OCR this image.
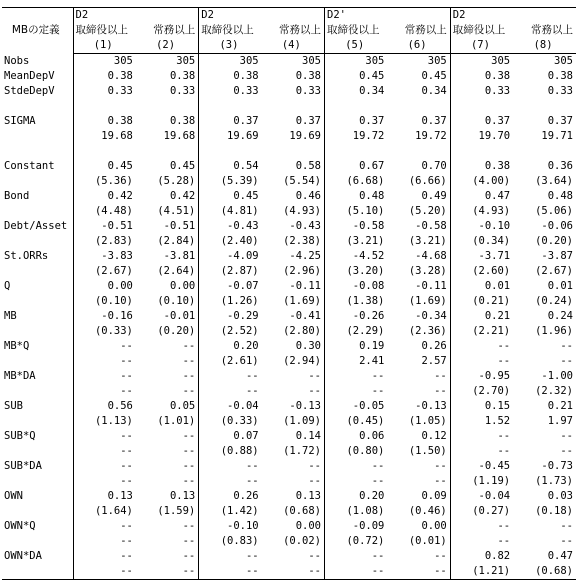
MBの定義	D2		D2		D2'		D2	
	取締役以上	常務以上	取締役以上	常務以上	取締役以上	常務以上	取締役以上	常務以上
	(1)	(2)	(3)	(4)	(5)	(6)	(7)	(8)
Nobs	305	305	305	305	305	305	305	305
MeanDepV	0.38	0.38	0.38	0.38	0.45	0.45	0.38	0.38
StdeDepV	0.33	0.33	0.33	0.33	0.34	0.34	0.33	0.33

SIGMA	0.38	0.38	0.37	0.37	0.37	0.37	0.37	0.37
	19.68	19.68	19.69	19.69	19.72	19.72	19.70	19.71

Constant	0.45	0.45	0.54	0.58	0.67	0.70	0.38	0.36
	(5.36)	(5.28)	(5.39)	(5.54)	(6.68)	(6.66)	(4.00)	(3.64)
Bond	0.42	0.42	0.45	0.46	0.48	0.49	0.47	0.48
	(4.48)	(4.51)	(4.81)	(4.93)	(5.10)	(5.20)	(4.93)	(5.06)
Debt/Asset	-0.51	-0.51	-0.43	-0.43	-0.58	-0.58	-0.10	-0.06
	(2.83)	(2.84)	(2.40)	(2.38)	(3.21)	(3.21)	(0.34)	(0.20)
St.ORRs	-3.83	-3.81	-4.09	-4.25	-4.52	-4.68	-3.71	-3.87
	(2.67)	(2.64)	(2.87)	(2.96)	(3.20)	(3.28)	(2.60)	(2.67)
Q	0.00	0.00	-0.07	-0.11	-0.08	-0.11	0.01	0.01
	(0.10)	(0.10)	(1.26)	(1.69)	(1.38)	(1.69)	(0.21)	(0.24)
MB	-0.16	-0.01	-0.29	-0.41	-0.26	-0.34	0.21	0.24
	(0.33)	(0.20)	(2.52)	(2.80)	(2.29)	(2.36)	(2.21)	(1.96)
MB*Q	--	--	0.20	0.30	0.19	0.26	--	--
	--	--	(2.61)	(2.94)	2.41	2.57	--	--
MB*DA	--	--	--	--	--	--	-0.95	-1.00
	--	--	--	--	--	--	(2.70)	(2.32)
SUB	0.56	0.05	-0.04	-0.13	-0.05	-0.13	0.15	0.21
	(1.13)	(1.01)	(0.33)	(1.09)	(0.45)	(1.05)	1.52	1.97
SUB*Q	--	--	0.07	0.14	0.06	0.12	--	--
	--	--	(0.88)	(1.72)	(0.80)	(1.50)	--	--
SUB*DA	--	--	--	--	--	--	-0.45	-0.73
	--	--	--	--	--	--	(1.19)	(1.73)
OWN	0.13	0.13	0.26	0.13	0.20	0.09	-0.04	0.03
	(1.64)	(1.59)	(1.42)	(0.68)	(1.08)	(0.46)	(0.27)	(0.18)
OWN*Q	--	--	-0.10	0.00	-0.09	0.00	--	--
	--	--	(0.83)	(0.02)	(0.72)	(0.01)	--	--
OWN*DA	--	--	--	--	--	--	0.82	0.47
	--	--	--	--	--	--	(1.21)	(0.68)
